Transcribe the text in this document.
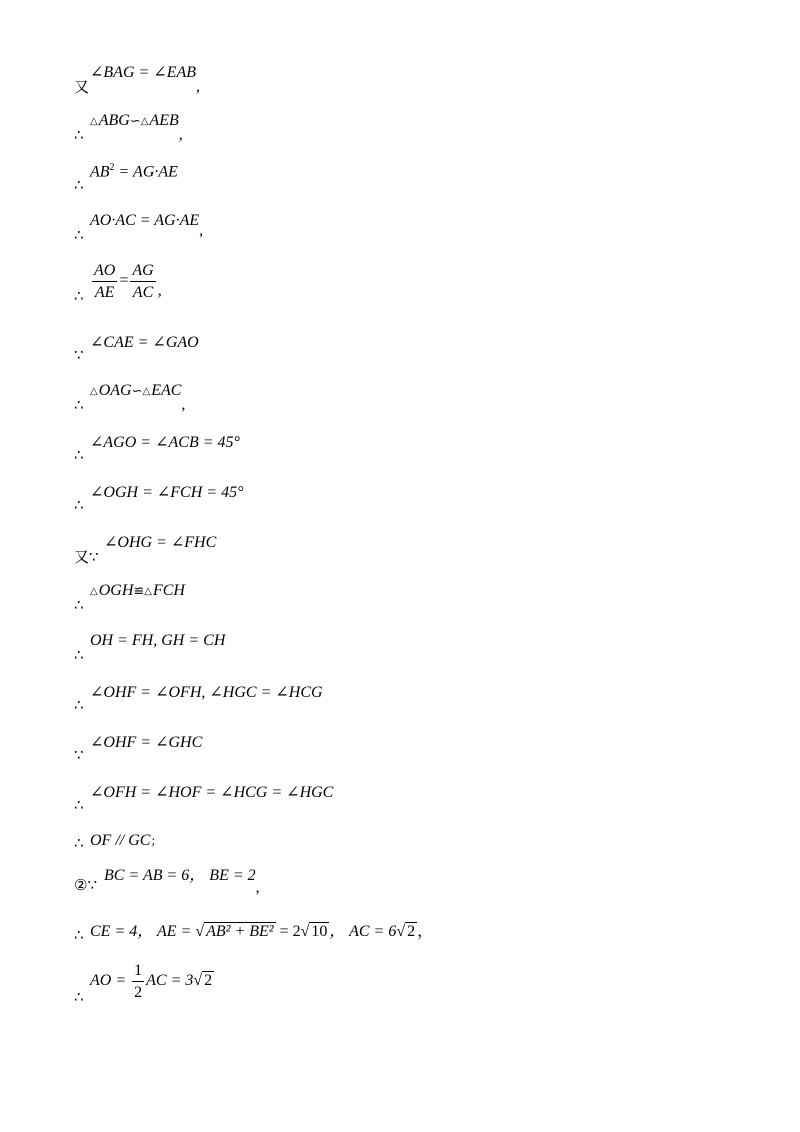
又
∠BAG = ∠EAB,
∴
△ABG∽△AEB,
∴
$AB^2 = AG\cdot AE$
∴
AO·AC = AG·AE,
∴ $\frac{AO}{AE} = \frac{AG}{AC}$ ,
∵
∠CAE = ∠GAO
∴
△OAG∽△EAC,
∴
∠AGO = ∠ACB = 45°
∴
∠OGH = ∠FCH = 45°
又∵
∠OHG = ∠FHC
∴
△OGH≌△FCH
∴
OH = FH, GH = CH
∴
∠OHF = ∠OFH, ∠HGC = ∠HCG
∵
∠OHF = ∠GHC
∴
∠OFH = ∠HOF = ∠HCG = ∠HGC
∴ OF // GC；
②∵
BC = AB = 6， BE = 2,
∴ CE = 4， AE = √ AB² + BE² = 2√ 10 ， AC = 6√ 2 ，
∴
AO = $\frac{1}{2}$ AC = 3√ 2
